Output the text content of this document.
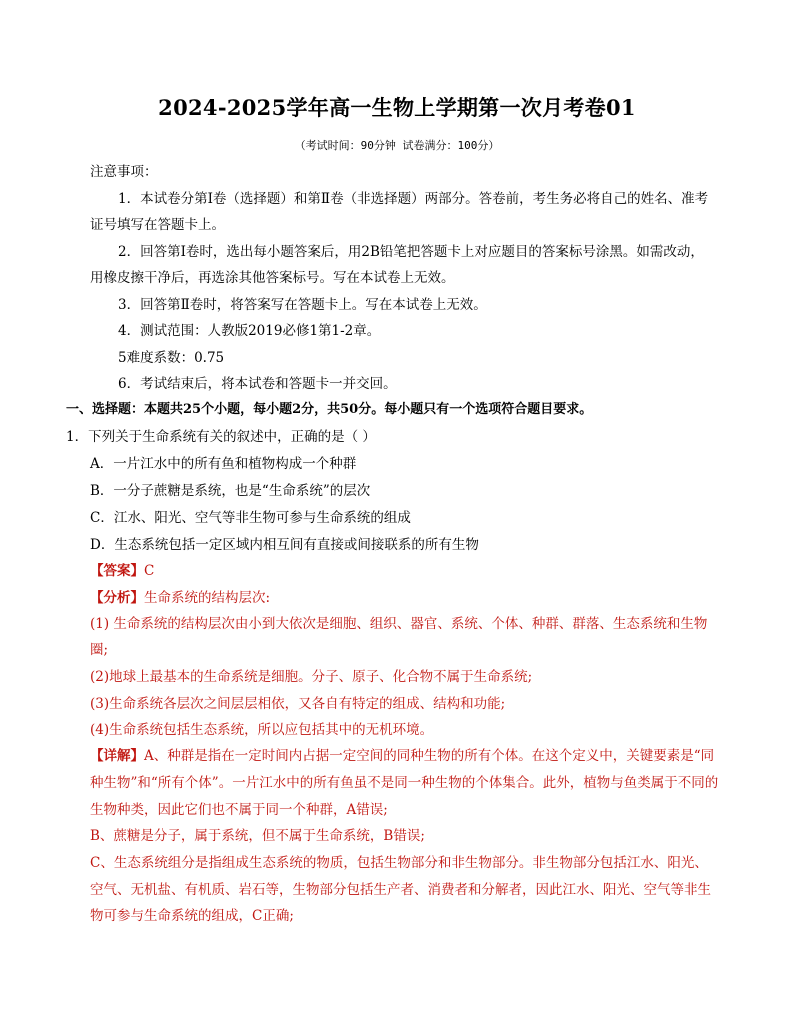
2024-2025学年高一生物上学期第一次月考卷01
（考试时间：90分钟 试卷满分：100分）
注意事项：
1．本试卷分第Ⅰ卷（选择题）和第Ⅱ卷（非选择题）两部分。答卷前，考生务必将自己的姓名、准考
证号填写在答题卡上。
2．回答第Ⅰ卷时，选出每小题答案后，用2B铅笔把答题卡上对应题目的答案标号涂黑。如需改动，
用橡皮擦干净后，再选涂其他答案标号。写在本试卷上无效。
3．回答第Ⅱ卷时，将答案写在答题卡上。写在本试卷上无效。
4．测试范围：人教版2019必修1第1-2章。
5难度系数：0.75
6．考试结束后，将本试卷和答题卡一并交回。
一、选择题：本题共25个小题，每小题2分，共50分。每小题只有一个选项符合题目要求。
1．下列关于生命系统有关的叙述中，正确的是（ ）
A．一片江水中的所有鱼和植物构成一个种群
B．一分子蔗糖是系统，也是“生命系统”的层次
C．江水、阳光、空气等非生物可参与生命系统的组成
D．生态系统包括一定区域内相互间有直接或间接联系的所有生物
【答案】C
【分析】生命系统的结构层次:
(1) 生命系统的结构层次由小到大依次是细胞、组织、器官、系统、个体、种群、群落、生态系统和生物
圈;
(2)地球上最基本的生命系统是细胞。分子、原子、化合物不属于生命系统;
(3)生命系统各层次之间层层相依，又各自有特定的组成、结构和功能;
(4)生命系统包括生态系统，所以应包括其中的无机环境。
【详解】A、种群是指在一定时间内占据一定空间的同种生物的所有个体。在这个定义中，关键要素是“同
种生物”和“所有个体”。一片江水中的所有鱼虽不是同一种生物的个体集合。此外，植物与鱼类属于不同的
生物种类，因此它们也不属于同一个种群，A错误;
B、蔗糖是分子，属于系统，但不属于生命系统，B错误;
C、生态系统组分是指组成生态系统的物质，包括生物部分和非生物部分。非生物部分包括江水、阳光、
空气、无机盐、有机质、岩石等，生物部分包括生产者、消费者和分解者，因此江水、阳光、空气等非生
物可参与生命系统的组成，C正确;
